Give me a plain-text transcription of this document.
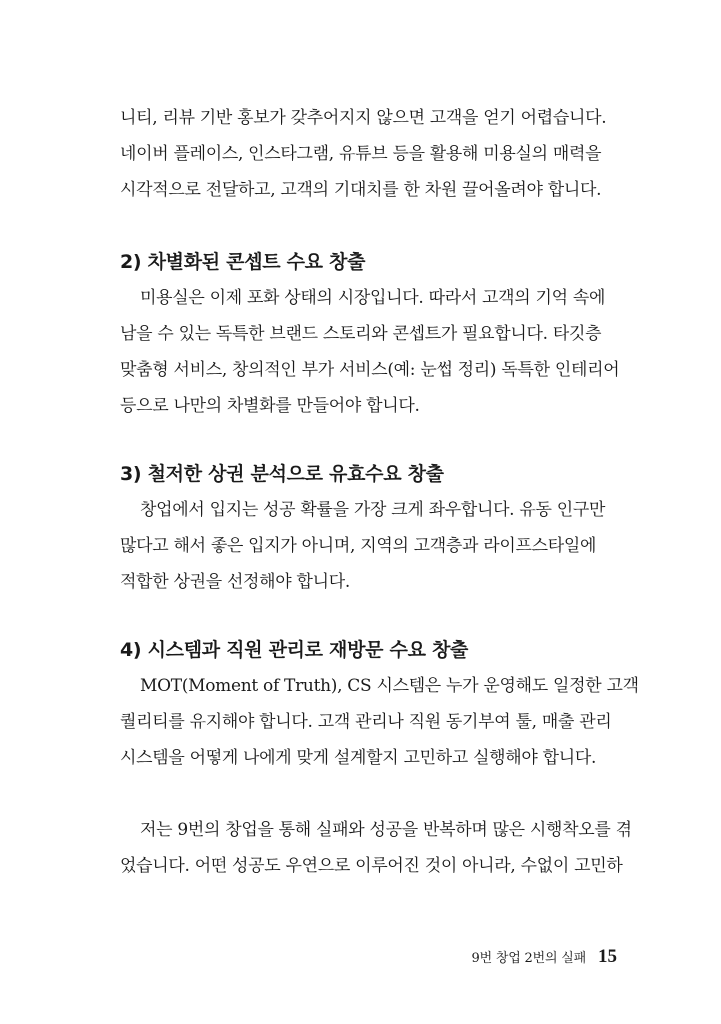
니티, 리뷰 기반 홍보가 갖추어지지 않으면 고객을 얻기 어렵습니다.
네이버 플레이스, 인스타그램, 유튜브 등을 활용해 미용실의 매력을
시각적으로 전달하고, 고객의 기대치를 한 차원 끌어올려야 합니다.
2) 차별화된 콘셉트 수요 창출
미용실은 이제 포화 상태의 시장입니다. 따라서 고객의 기억 속에
남을 수 있는 독특한 브랜드 스토리와 콘셉트가 필요합니다. 타깃층
맞춤형 서비스, 창의적인 부가 서비스(예: 눈썹 정리) 독특한 인테리어
등으로 나만의 차별화를 만들어야 합니다.
3) 철저한 상권 분석으로 유효수요 창출
창업에서 입지는 성공 확률을 가장 크게 좌우합니다. 유동 인구만
많다고 해서 좋은 입지가 아니며, 지역의 고객층과 라이프스타일에
적합한 상권을 선정해야 합니다.
4) 시스템과 직원 관리로 재방문 수요 창출
MOT(Moment of Truth), CS 시스템은 누가 운영해도 일정한 고객
퀄리티를 유지해야 합니다. 고객 관리나 직원 동기부여 툴, 매출 관리
시스템을 어떻게 나에게 맞게 설계할지 고민하고 실행해야 합니다.
저는 9번의 창업을 통해 실패와 성공을 반복하며 많은 시행착오를 겪
었습니다. 어떤 성공도 우연으로 이루어진 것이 아니라, 수없이 고민하
9번 창업 2번의 실패 15
